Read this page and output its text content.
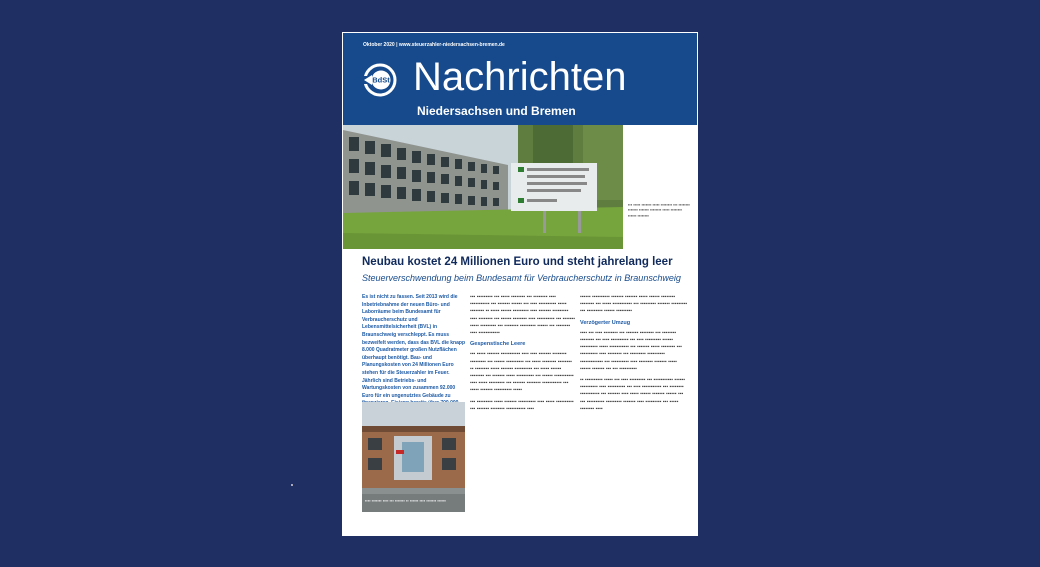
Oktober 2020 | www.steuerzahler-niedersachsen-bremen.de
BdSt Nachrichten
Niedersachsen und Bremen
▪▪▪ ▪▪▪▪▪ ▪▪▪▪▪▪▪ ▪▪▪▪▪ ▪▪▪▪▪▪▪▪ ▪▪▪ ▪▪▪▪▪▪▪▪ ▪▪▪▪▪▪▪ ▪▪▪▪▪▪▪ ▪▪▪▪▪▪▪▪ ▪▪▪▪▪ ▪▪▪▪▪▪▪▪ ▪▪▪▪▪▪ ▪▪▪▪▪▪▪▪
Neubau kostet 24 Millionen Euro und steht jahrelang leer
Steuerverschwendung beim Bundesamt für Verbraucherschutz in Braunschweig
Es ist nicht zu fassen. Seit 2013 wird die Inbetriebnahme der neuen Büro- und Laborräume beim Bundesamt für Verbraucherschutz und Lebensmittelsicherheit (BVL) in Braunschweig verschleppt. Es muss bezweifelt werden, dass das BVL die knapp 8.000 Quadratmeter großen Nutzflächen überhaupt benötigt. Bau- und Planungskosten von 24 Millionen Euro stehen für die Steuerzahler im Feuer. Jährlich sind Betriebs- und Wartungskosten von zusammen 92.000 Euro für ein ungenutztes Gebäude zu
▪▪▪▪ ▪▪▪▪▪▪▪ ▪▪▪▪ ▪▪▪ ▪▪▪▪▪▪▪ ▪▪ ▪▪▪▪▪▪ ▪▪▪▪ ▪▪▪▪▪▪▪ ▪▪▪▪▪▪

▪▪▪ ▪▪▪▪▪▪▪▪▪ ▪▪▪ ▪▪▪▪▪ ▪▪▪▪▪▪▪▪ ▪▪▪ ▪▪▪▪▪▪▪▪ ▪▪▪▪ ▪▪▪▪▪▪▪▪▪▪▪ ▪▪▪ ▪▪▪▪▪▪▪ ▪▪▪▪▪▪ ▪▪▪ ▪▪▪▪ ▪▪▪▪▪▪▪▪▪▪ ▪▪▪▪▪ ▪▪▪▪▪▪▪▪ ▪▪ ▪▪▪▪▪ ▪▪▪▪▪▪ ▪▪▪▪▪▪▪▪▪ ▪▪▪▪ ▪▪▪▪▪▪▪ ▪▪▪▪▪▪▪▪▪ ▪▪▪▪ ▪▪▪▪▪▪▪▪ ▪▪▪ ▪▪▪▪▪▪ ▪▪▪▪▪▪▪▪ ▪▪▪▪ ▪▪▪▪▪▪▪▪▪▪ ▪▪▪ ▪▪▪▪▪▪▪ ▪▪▪▪▪ ▪▪▪▪▪▪▪▪▪ ▪▪▪ ▪▪▪▪▪▪▪▪ ▪▪▪▪▪▪▪▪▪ ▪▪▪▪▪▪ ▪▪▪ ▪▪▪▪▪▪▪▪ ▪▪▪▪ ▪▪▪▪▪▪▪▪▪▪▪▪

Gespenstische Leere

▪▪▪ ▪▪▪▪▪ ▪▪▪▪▪▪▪ ▪▪▪▪▪▪▪▪▪▪▪ ▪▪▪▪ ▪▪▪▪ ▪▪▪▪▪▪▪ ▪▪▪▪▪▪▪▪ ▪▪▪▪▪▪▪▪▪ ▪▪▪ ▪▪▪▪▪▪ ▪▪▪▪▪▪▪▪▪▪ ▪▪▪ ▪▪▪▪▪ ▪▪▪▪▪▪▪▪ ▪▪▪▪▪▪▪▪ ▪▪ ▪▪▪▪▪▪▪▪ ▪▪▪▪▪ ▪▪▪▪▪▪▪ ▪▪▪▪▪▪▪▪▪▪ ▪▪▪ ▪▪▪▪▪ ▪▪▪▪▪▪ ▪▪▪▪▪▪▪▪ ▪▪▪ ▪▪▪▪▪▪▪ ▪▪▪▪▪ ▪▪▪▪▪▪▪▪▪▪ ▪▪▪ ▪▪▪▪▪▪ ▪▪▪▪▪▪▪▪▪▪▪ ▪▪▪▪ ▪▪▪▪▪ ▪▪▪▪▪▪▪▪▪ ▪▪▪ ▪▪▪▪▪▪▪ ▪▪▪▪▪▪▪▪ ▪▪▪▪▪▪▪▪▪▪▪ ▪▪▪ ▪▪▪▪▪ ▪▪▪▪▪▪▪ ▪▪▪▪▪▪▪▪▪▪ ▪▪▪▪▪

▪▪▪ ▪▪▪▪▪▪▪▪▪ ▪▪▪▪▪ ▪▪▪▪▪▪▪ ▪▪▪▪▪▪▪▪▪▪ ▪▪▪▪ ▪▪▪▪▪ ▪▪▪▪▪▪▪▪▪▪ ▪▪▪ ▪▪▪▪▪▪▪ ▪▪▪▪▪▪▪▪ ▪▪▪▪▪▪▪▪▪▪▪ ▪▪▪▪

▪▪▪▪▪▪ ▪▪▪▪▪▪▪▪▪▪ ▪▪▪▪▪▪▪ ▪▪▪▪▪▪▪ ▪▪▪▪▪ ▪▪▪▪▪▪ ▪▪▪▪▪▪▪▪ ▪▪▪▪▪▪▪▪ ▪▪▪ ▪▪▪▪▪ ▪▪▪▪▪▪▪▪▪▪▪ ▪▪▪ ▪▪▪▪▪▪▪▪▪ ▪▪▪▪▪▪▪ ▪▪▪▪▪▪▪▪▪ ▪▪▪ ▪▪▪▪▪▪▪▪▪ ▪▪▪▪▪▪ ▪▪▪▪▪▪▪▪▪

Verzögerter Umzug

▪▪▪▪ ▪▪▪ ▪▪▪▪ ▪▪▪▪▪▪▪▪ ▪▪▪ ▪▪▪▪▪▪▪ ▪▪▪▪▪▪▪▪ ▪▪▪ ▪▪▪▪▪▪▪▪ ▪▪▪▪▪▪▪▪ ▪▪▪ ▪▪▪▪ ▪▪▪▪▪▪▪▪▪▪ ▪▪▪ ▪▪▪▪ ▪▪▪▪▪▪▪▪▪ ▪▪▪▪▪▪ ▪▪▪▪▪▪▪▪▪▪ ▪▪▪▪▪ ▪▪▪▪▪▪▪▪▪▪▪ ▪▪▪ ▪▪▪▪▪▪▪ ▪▪▪▪▪ ▪▪▪▪▪▪▪▪ ▪▪▪ ▪▪▪▪▪▪▪▪▪▪ ▪▪▪▪ ▪▪▪▪▪▪▪▪ ▪▪▪ ▪▪▪▪▪▪▪▪▪ ▪▪▪▪▪▪▪▪▪▪ ▪▪▪▪▪▪▪▪▪▪▪▪▪ ▪▪▪ ▪▪▪▪▪▪▪▪▪▪ ▪▪▪▪ ▪▪▪▪▪▪▪▪ ▪▪▪▪▪▪▪ ▪▪▪▪▪ ▪▪▪▪▪▪ ▪▪▪▪▪▪▪ ▪▪▪ ▪▪▪ ▪▪▪▪▪▪▪▪▪▪

▪▪ ▪▪▪▪▪▪▪▪▪▪ ▪▪▪▪▪ ▪▪▪ ▪▪▪▪ ▪▪▪▪▪▪▪▪▪ ▪▪▪ ▪▪▪▪▪▪▪▪▪▪▪ ▪▪▪▪▪▪ ▪▪▪▪▪▪▪▪▪▪ ▪▪▪▪ ▪▪▪▪▪▪▪▪▪▪ ▪▪▪ ▪▪▪▪ ▪▪▪▪▪▪▪▪▪▪▪ ▪▪▪ ▪▪▪▪▪▪▪▪ ▪▪▪▪▪▪▪▪▪▪▪ ▪▪▪ ▪▪▪▪▪▪▪ ▪▪▪▪ ▪▪▪▪▪ ▪▪▪▪▪▪ ▪▪▪▪▪▪▪ ▪▪▪▪▪▪ ▪▪▪ ▪▪▪ ▪▪▪▪▪▪▪▪▪▪ ▪▪▪▪▪▪▪▪▪ ▪▪▪▪▪▪▪ ▪▪▪▪ ▪▪▪▪▪▪▪▪▪ ▪▪▪ ▪▪▪▪▪ ▪▪▪▪▪▪▪▪ ▪▪▪▪
